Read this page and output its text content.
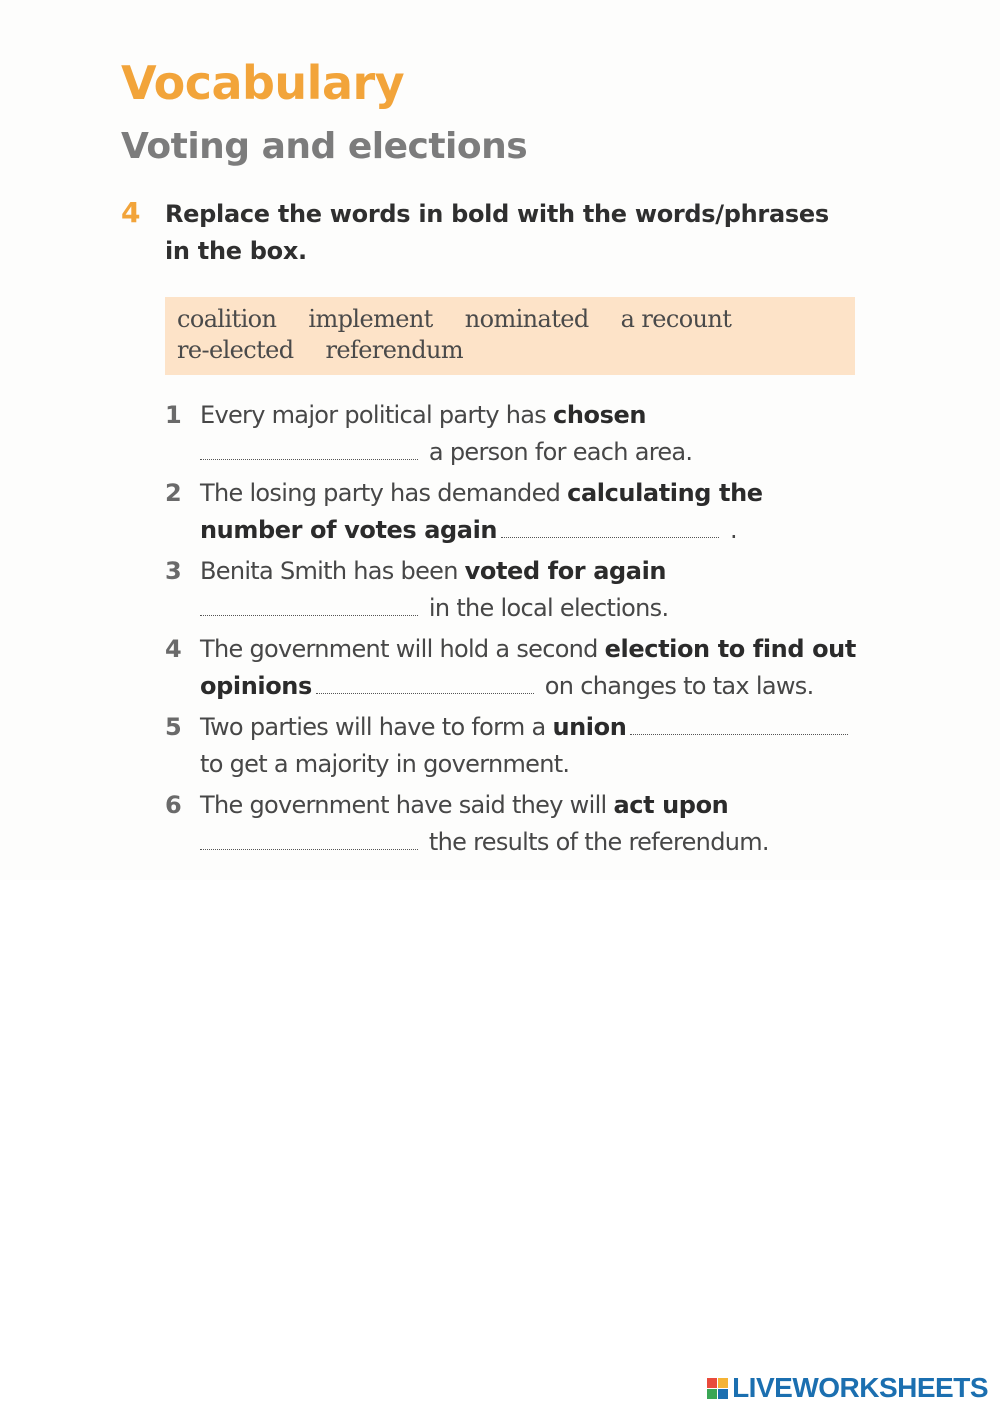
Vocabulary
Voting and elections
4 Replace the words in bold with the words/phrases in the box.

coalition implement nominated a recount
re-elected referendum
1 Every major political party has chosen
a person for each area.
2 The losing party has demanded calculating the number of votes again	.
3 Benita Smith has been voted for again
in the local elections.
4 The government will hold a second election to find out opinions	on changes to tax laws.
5 Two parties will have to form a union
to get a majority in government.
6 The government have said they will act upon
the results of the referendum.
LIVEWORKSHEETS
